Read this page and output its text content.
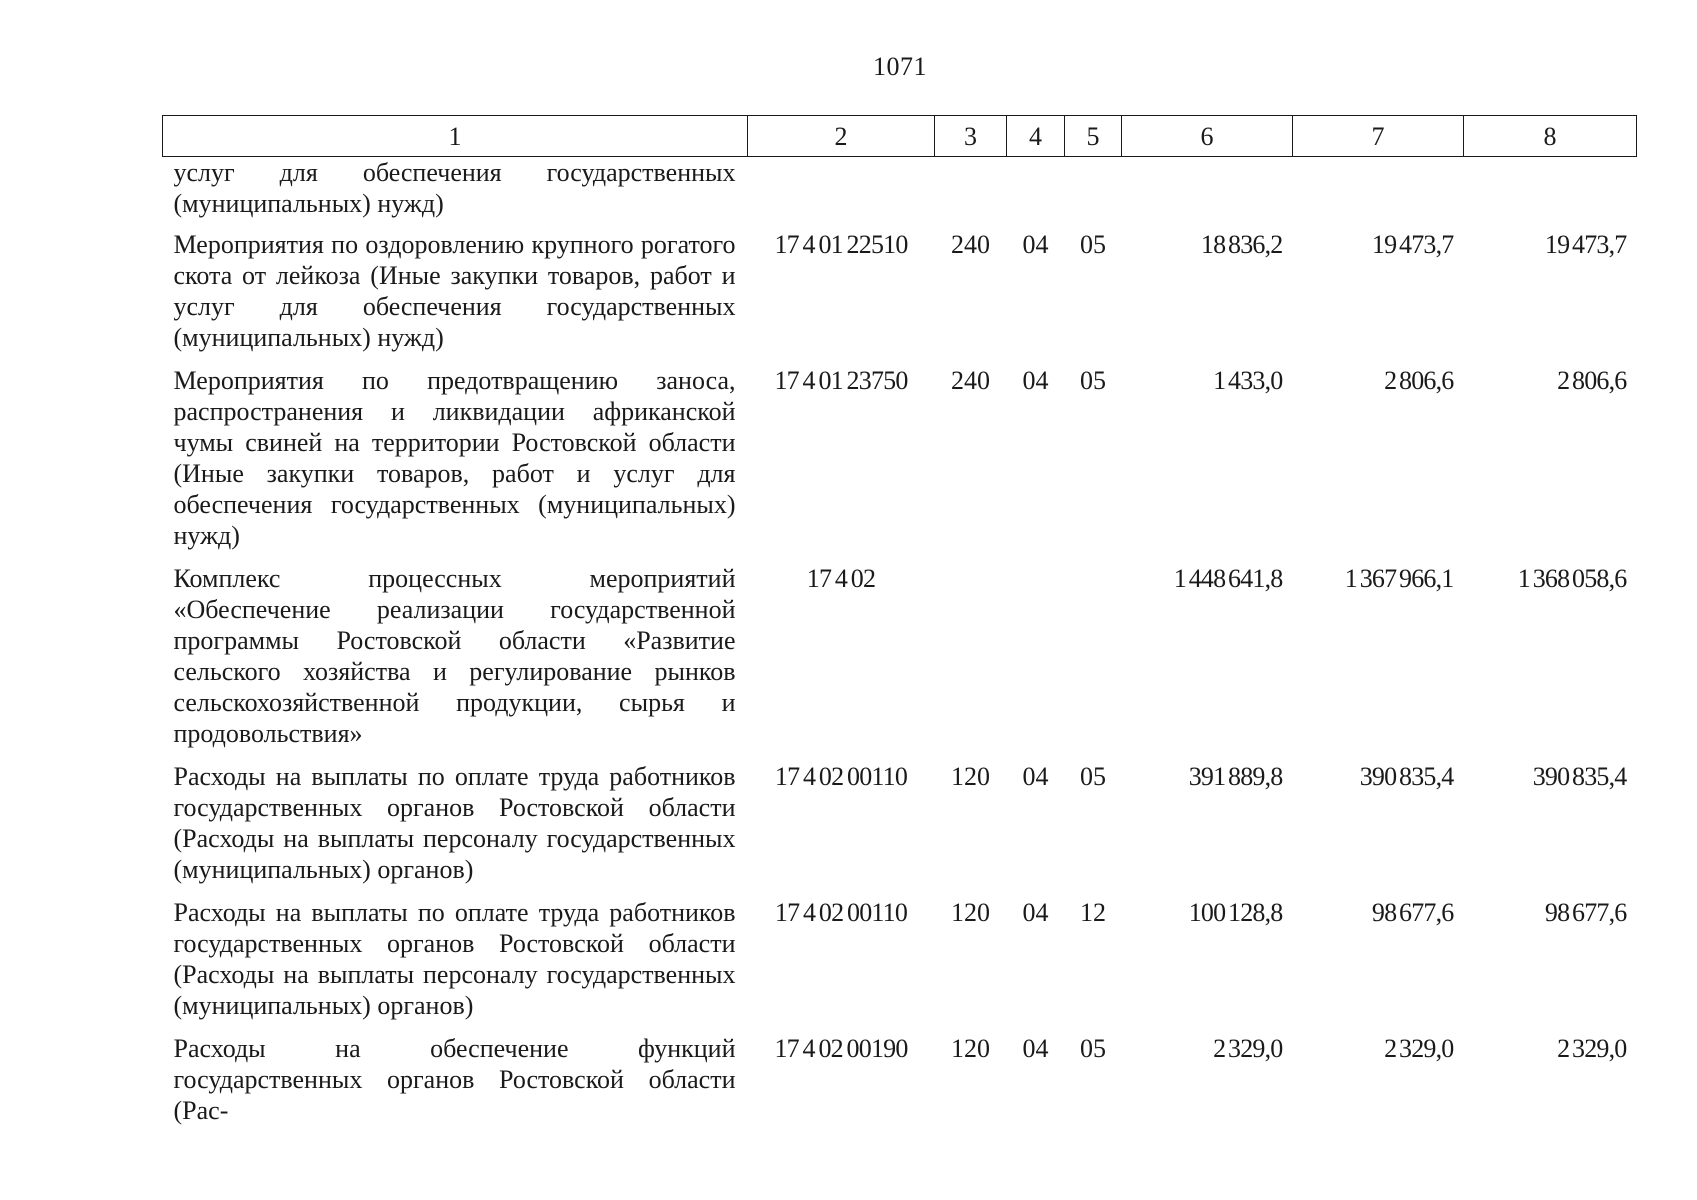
1071
1	2	3	4	5	6	7	8
услуг для обеспечения государственных (муниципальных) нужд)							
Мероприятия по оздоровлению крупного рогатого скота от лейкоза (Иные закупки товаров, работ и услуг для обеспечения государственных (муниципальных) нужд)	17 4 01 22510	240	04	05	18 836,2	19 473,7	19 473,7
Мероприятия по предотвращению заноса, распространения и ликвидации африканской чумы свиней на территории Ростовской области (Иные закупки товаров, работ и услуг для обеспечения государственных (муниципальных) нужд)	17 4 01 23750	240	04	05	1 433,0	2 806,6	2 806,6
Комплекс процессных мероприятий «Обеспечение реализации государственной программы Ростовской области «Развитие сельского хозяйства и регулирование рынков сельскохозяйственной продукции, сырья и продовольствия»	17 4 02				1 448 641,8	1 367 966,1	1 368 058,6
Расходы на выплаты по оплате труда работников государственных органов Ростовской области (Расходы на выплаты персоналу государственных (муниципальных) органов)	17 4 02 00110	120	04	05	391 889,8	390 835,4	390 835,4
Расходы на выплаты по оплате труда работников государственных органов Ростовской области (Расходы на выплаты персоналу государственных (муниципальных) органов)	17 4 02 00110	120	04	12	100 128,8	98 677,6	98 677,6
Расходы на обеспечение функций государственных органов Ростовской области (Рас-	17 4 02 00190	120	04	05	2 329,0	2 329,0	2 329,0
